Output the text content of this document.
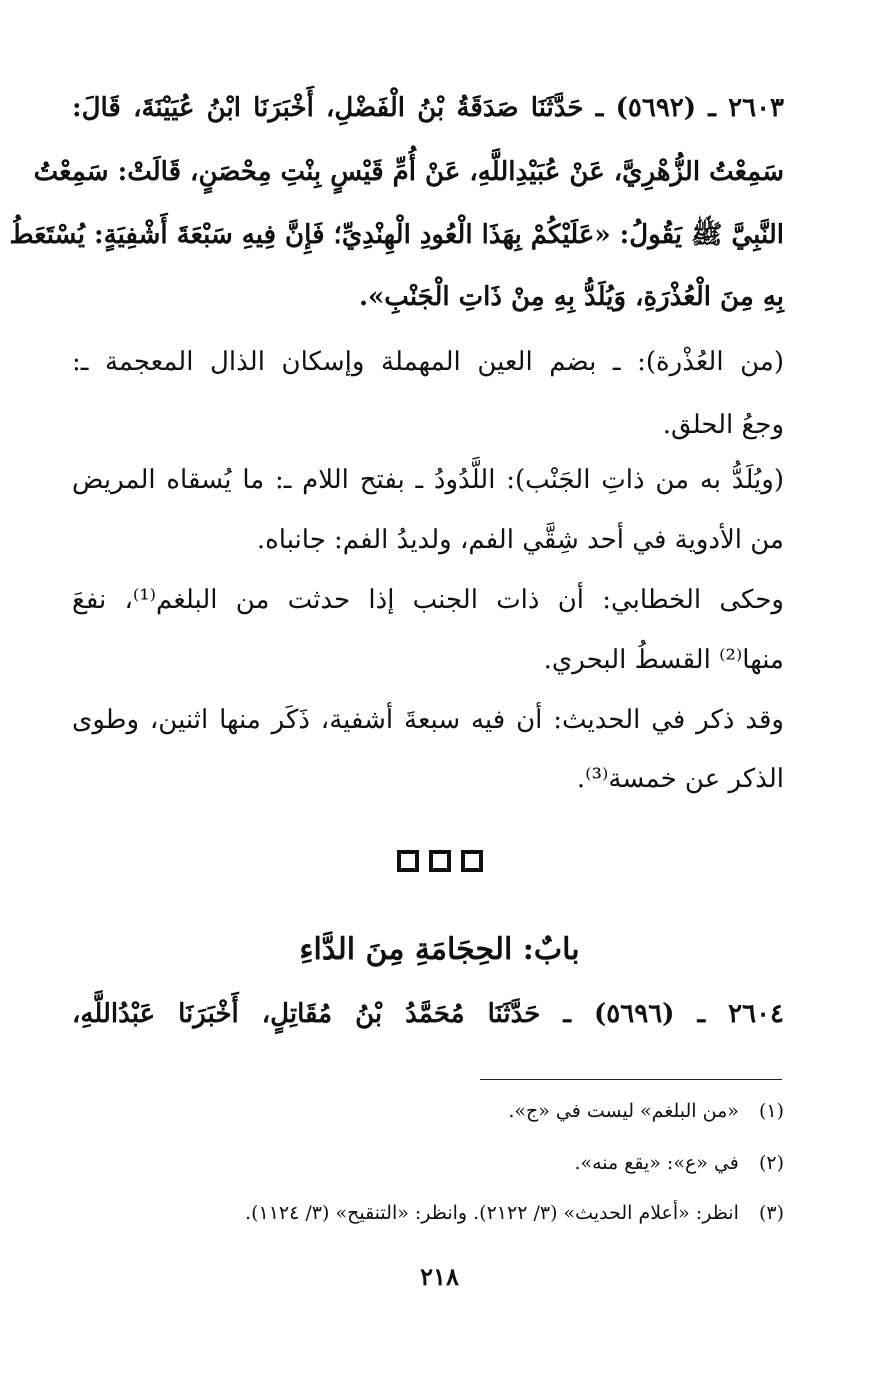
٢٦٠٣ ـ (٥٦٩٢) ـ حَدَّثَنَا صَدَقَةُ بْنُ الْفَضْلِ، أَخْبَرَنَا ابْنُ عُيَيْنَةَ، قَالَ:
سَمِعْتُ الزُّهْرِيَّ، عَنْ عُبَيْدِاللَّهِ، عَنْ أُمِّ قَيْسٍ بِنْتِ مِحْصَنٍ، قَالَتْ: سَمِعْتُ
النَّبِيَّ ﷺ يَقُولُ: «عَلَيْكُمْ بِهَذَا الْعُودِ الْهِنْدِيِّ؛ فَإِنَّ فِيهِ سَبْعَةَ أَشْفِيَةٍ: يُسْتَعَطُ
بِهِ مِنَ الْعُذْرَةِ، وَيُلَدُّ بِهِ مِنْ ذَاتِ الْجَنْبِ».
(من العُذْرة): ـ بضم العين المهملة وإسكان الذال المعجمة ـ:
وجعُ الحلق.
(ويُلَدُّ به من ذاتِ الجَنْب): اللَّدُودُ ـ بفتح اللام ـ: ما يُسقاه المريض
من الأدوية في أحد شِقَّي الفم، ولديدُ الفم: جانباه.
وحكى الخطابي: أن ذات الجنب إذا حدثت من البلغم⁽¹⁾، نفعَ
منها⁽²⁾ القسطُ البحري.
وقد ذكر في الحديث: أن فيه سبعةَ أشفية، ذَكَر منها اثنين، وطوى
الذكر عن خمسة⁽³⁾.
بابٌ: الحِجَامَةِ مِنَ الدَّاءِ
٢٦٠٤ ـ (٥٦٩٦) ـ حَدَّثَنَا مُحَمَّدُ بْنُ مُقَاتِلٍ، أَخْبَرَنَا عَبْدُاللَّهِ،
(١) «من البلغم» ليست في «ج».
(٢) في «ع»: «يقع منه».
(٣) انظر: «أعلام الحديث» (٣/ ٢١٢٢). وانظر: «التنقيح» (٣/ ١١٢٤).
٢١٨
